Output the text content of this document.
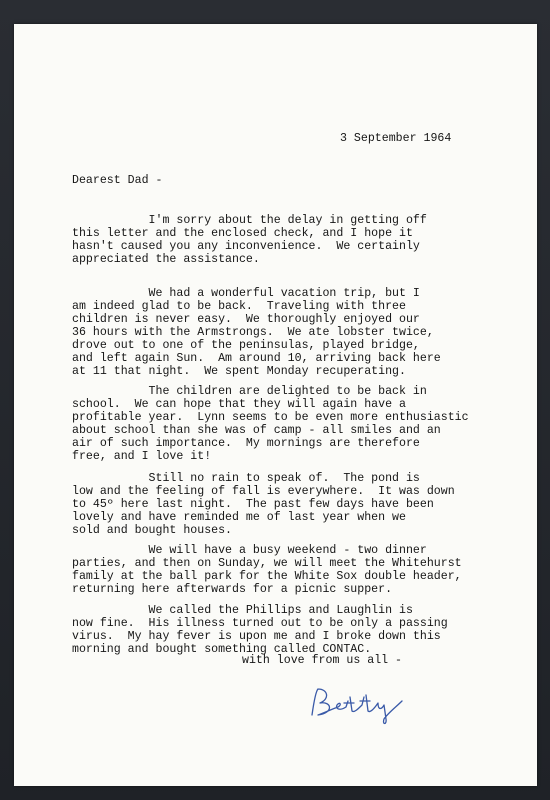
3 September 1964

Dearest Dad -

I'm sorry about the delay in getting off
this letter and the enclosed check, and I hope it
hasn't caused you any inconvenience.  We certainly
appreciated the assistance.

We had a wonderful vacation trip, but I
am indeed glad to be back.  Traveling with three
children is never easy.  We thoroughly enjoyed our
36 hours with the Armstrongs.  We ate lobster twice,
drove out to one of the peninsulas, played bridge,
and left again Sun.  Am around 10, arriving back here
at 11 that night.  We spent Monday recuperating.

The children are delighted to be back in
school.  We can hope that they will again have a
profitable year.  Lynn seems to be even more enthusiastic
about school than she was of camp - all smiles and an
air of such importance.  My mornings are therefore
free, and I love it!

Still no rain to speak of.  The pond is
low and the feeling of fall is everywhere.  It was down
to 45º here last night.  The past few days have been
lovely and have reminded me of last year when we
sold and bought houses.

We will have a busy weekend - two dinner
parties, and then on Sunday, we will meet the Whitehurst
family at the ball park for the White Sox double header,
returning here afterwards for a picnic supper.

We called the Phillips and Laughlin is
now fine.  His illness turned out to be only a passing
virus.  My hay fever is upon me and I broke down this
morning and bought something called CONTAC.

with love from us all -
